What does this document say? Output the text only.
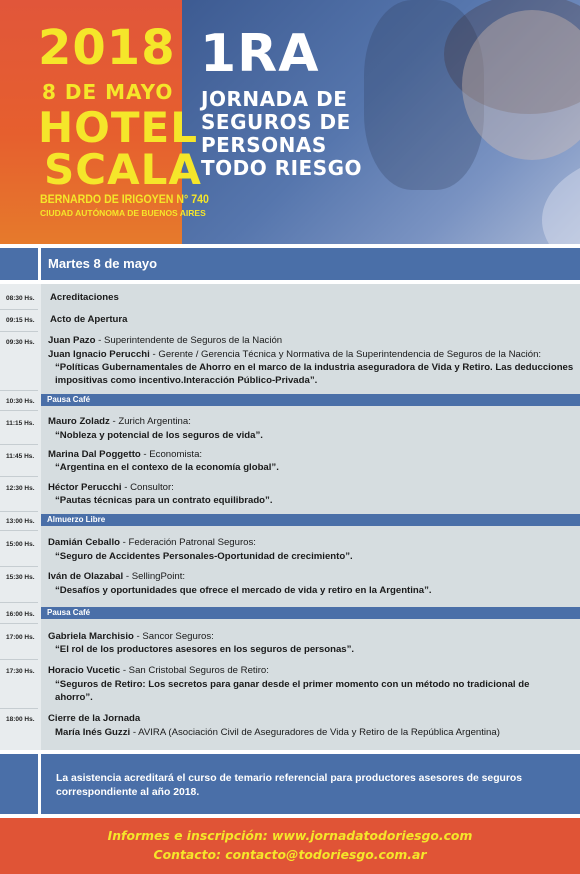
2018
8 DE MAYO
HOTEL
SCALA
BERNARDO DE IRIGOYEN N° 740
CIUDAD AUTÓNOMA DE BUENOS AIRES
1RA
JORNADA DE
SEGUROS DE
PERSONAS
TODO RIESGO
Martes 8 de mayo
08:30 Hs. Acreditaciones
09:15 Hs. Acto de Apertura
09:30 Hs. Juan Pazo - Superintendente de Seguros de la Nación
Juan Ignacio Perucchi - Gerente / Gerencia Técnica y Normativa de la Superintendencia de Seguros de la Nación:
“Políticas Gubernamentales de Ahorro en el marco de la industria aseguradora de Vida y Retiro. Las deducciones impositivas como incentivo.Interacción Público-Privada”.
10:30 Hs. Pausa Café
11:15 Hs. Mauro Zoladz - Zurich Argentina:
“Nobleza y potencial de los seguros de vida”.
11:45 Hs. Marina Dal Poggetto - Economista:
“Argentina en el contexo de la economía global”.
12:30 Hs. Héctor Perucchi - Consultor:
“Pautas técnicas para un contrato equilibrado”.
13:00 Hs. Almuerzo Libre
15:00 Hs. Damián Ceballo - Federación Patronal Seguros:
“Seguro de Accidentes Personales-Oportunidad de crecimiento”.
15:30 Hs. Iván de Olazabal - SellingPoint:
“Desafíos y oportunidades que ofrece el mercado de vida y retiro en la Argentina”.
16:00 Hs. Pausa Café
17:00 Hs. Gabriela Marchisio - Sancor Seguros:
“El rol de los productores asesores en los seguros de personas”.
17:30 Hs. Horacio Vucetic - San Cristobal Seguros de Retiro:
“Seguros de Retiro: Los secretos para ganar desde el primer momento con un método no tradicional de ahorro”.
18:00 Hs. Cierre de la Jornada
María Inés Guzzi - AVIRA (Asociación Civil de Aseguradores de Vida y Retiro de la República Argentina)
La asistencia acreditará el curso de temario referencial para productores asesores de seguros correspondiente al año 2018.
Informes e inscripción: www.jornadatodoriesgo.com
Contacto: contacto@todoriesgo.com.ar
